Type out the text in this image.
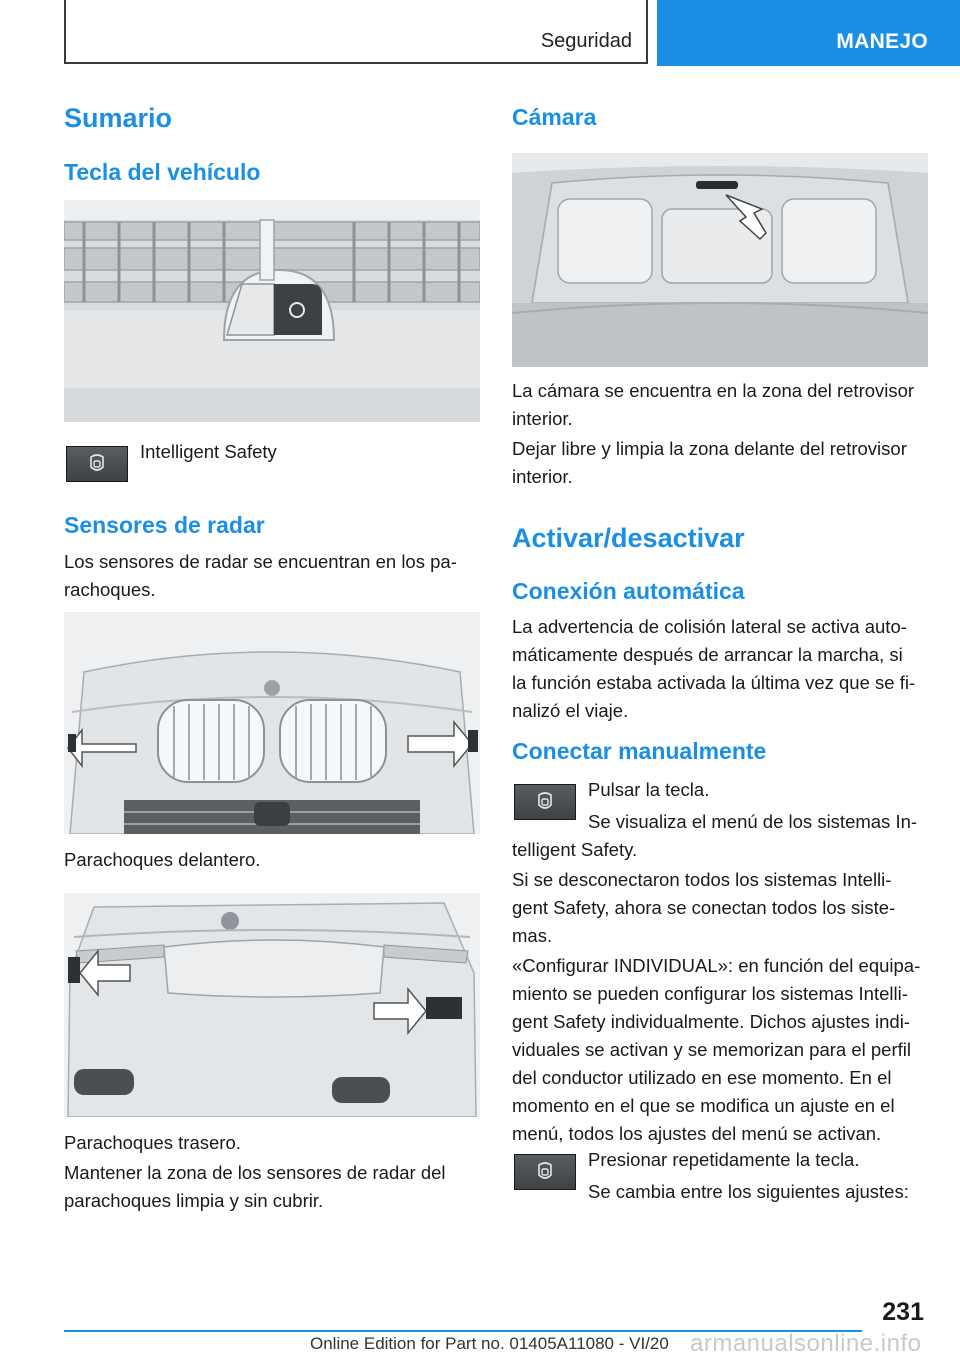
Seguridad	MANEJO
Sumario
Tecla del vehículo

Intelligent Safety

Sensores de radar

Los sensores de radar se encuentran en los pa‐

rachoques.

Parachoques delantero.

Parachoques trasero.

Mantener la zona de los sensores de radar del

parachoques limpia y sin cubrir.

Cámara

La cámara se encuentra en la zona del retrovisor

interior.

Dejar libre y limpia la zona delante del retrovisor

interior.

Activar/desactivar
Conexión automática

La advertencia de colisión lateral se activa auto‐

máticamente después de arrancar la marcha, si

la función estaba activada la última vez que se fi‐

nalizó el viaje.

Conectar manualmente

Pulsar la tecla.

Se visualiza el menú de los sistemas In‐

telligent Safety.

Si se desconectaron todos los sistemas Intelli‐

gent Safety, ahora se conectan todos los siste‐

mas.

«Configurar INDIVIDUAL»: en función del equipa‐

miento se pueden configurar los sistemas Intelli‐

gent Safety individualmente. Dichos ajustes indi‐

viduales se activan y se memorizan para el perfil

del conductor utilizado en ese momento. En el

momento en el que se modifica un ajuste en el

menú, todos los ajustes del menú se activan.

Presionar repetidamente la tecla.

Se cambia entre los siguientes ajustes:

231
Online Edition for Part no. 01405A11080 - VI/20 armanualsonline.info
